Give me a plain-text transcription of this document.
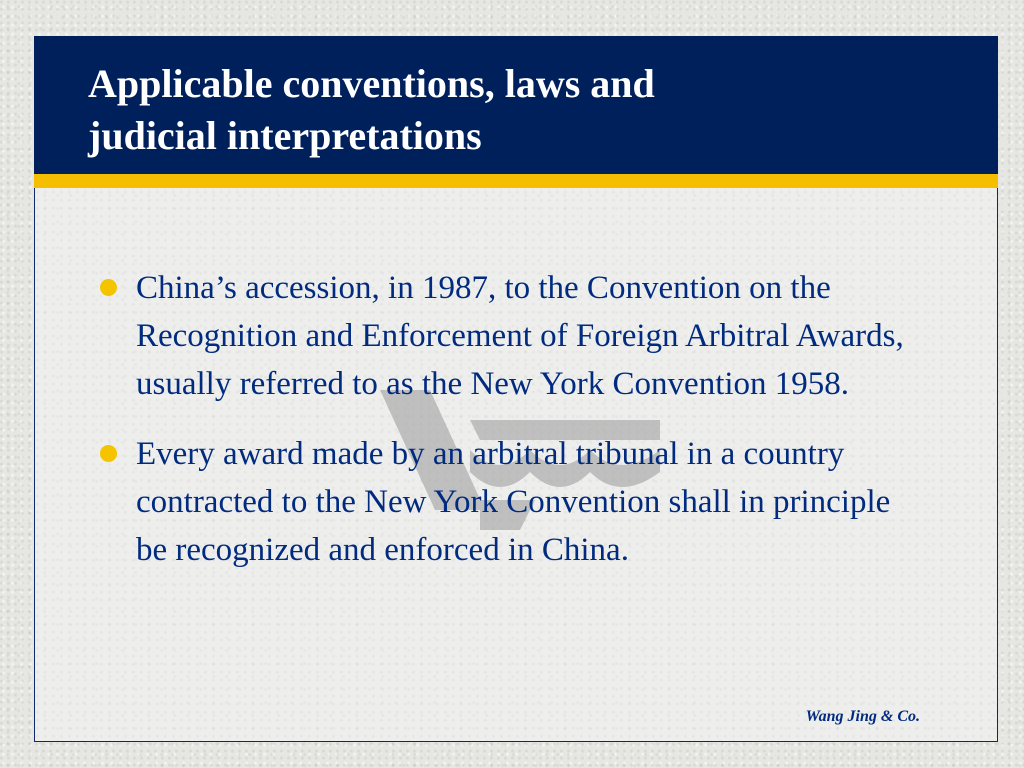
Applicable conventions, laws and
judicial interpretations
China’s accession, in 1987, to the Convention on the Recognition and Enforcement of Foreign Arbitral Awards, usually referred to as the New York Convention 1958.
Every award made by an arbitral tribunal in a country contracted to the New York Convention shall in principle be recognized and enforced in China.
Wang Jing & Co.
